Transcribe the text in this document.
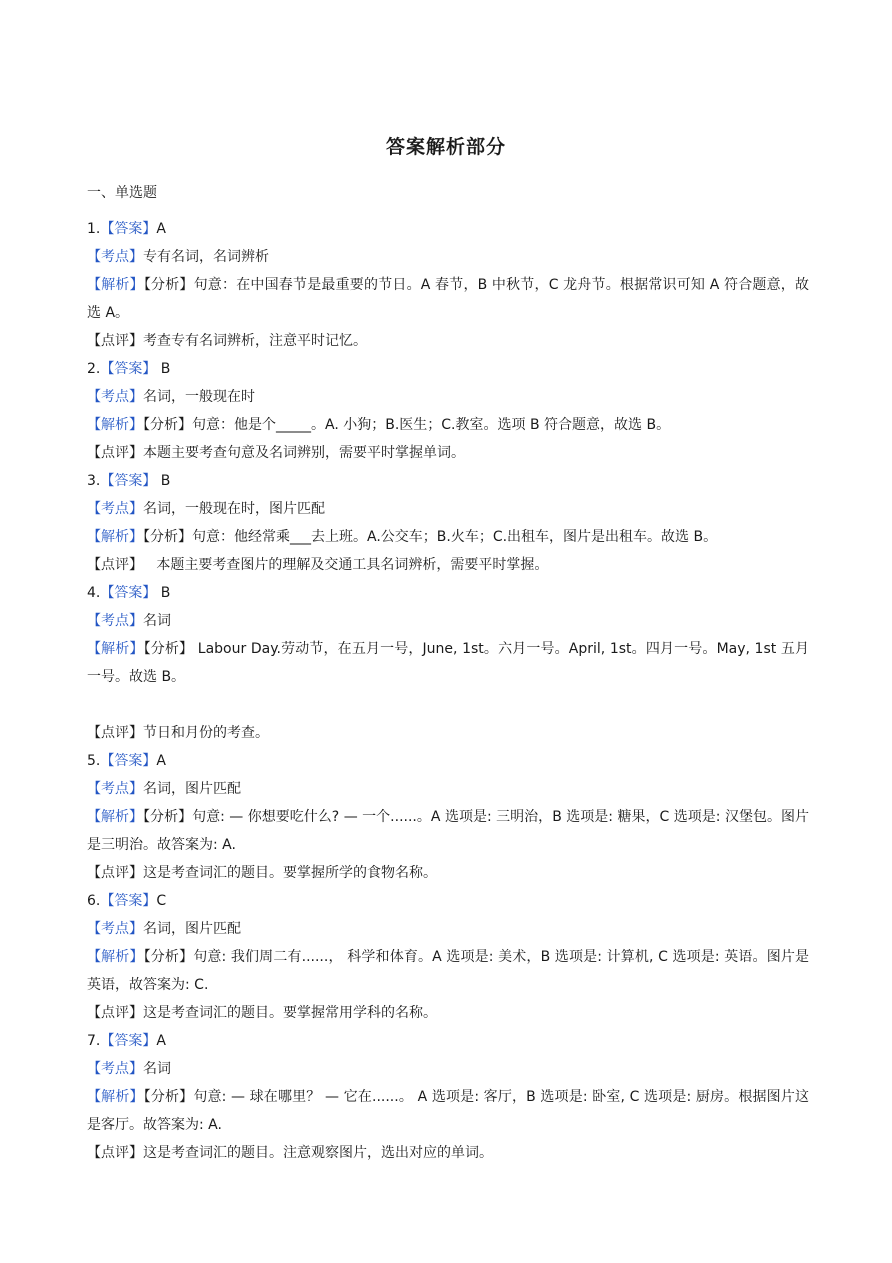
答案解析部分
一、单选题
1.【答案】A
【考点】专有名词，名词辨析
【解析】【分析】句意：在中国春节是最重要的节日。A 春节，B 中秋节，C 龙舟节。根据常识可知 A 符合题意，故选 A。
【点评】考查专有名词辨析，注意平时记忆。
2.【答案】 B
【考点】名词，一般现在时
【解析】【分析】句意：他是个_____。A. 小狗；B.医生；C.教室。选项 B 符合题意，故选 B。
【点评】本题主要考查句意及名词辨别，需要平时掌握单词。
3.【答案】 B
【考点】名词，一般现在时，图片匹配
【解析】【分析】句意：他经常乘___去上班。A.公交车；B.火车；C.出租车，图片是出租车。故选 B。
【点评】   本题主要考查图片的理解及交通工具名词辨析，需要平时掌握。
4.【答案】 B
【考点】名词
【解析】【分析】 Labour Day.劳动节，在五月一号，June, 1st。六月一号。April, 1st。四月一号。May, 1st 五月一号。故选 B。
【点评】节日和月份的考查。
5.【答案】A
【考点】名词，图片匹配
【解析】【分析】句意: — 你想要吃什么? — 一个......。A 选项是: 三明治，B 选项是: 糖果，C 选项是: 汉堡包。图片是三明治。故答案为: A.
【点评】这是考查词汇的题目。要掌握所学的食物名称。
6.【答案】C
【考点】名词，图片匹配
【解析】【分析】句意: 我们周二有......， 科学和体育。A 选项是: 美术，B 选项是: 计算机, C 选项是: 英语。图片是英语，故答案为: C.
【点评】这是考查词汇的题目。要掌握常用学科的名称。
7.【答案】A
【考点】名词
【解析】【分析】句意: — 球在哪里？ — 它在......。 A 选项是: 客厅，B 选项是: 卧室, C 选项是: 厨房。根据图片这是客厅。故答案为: A.
【点评】这是考查词汇的题目。注意观察图片，选出对应的单词。
